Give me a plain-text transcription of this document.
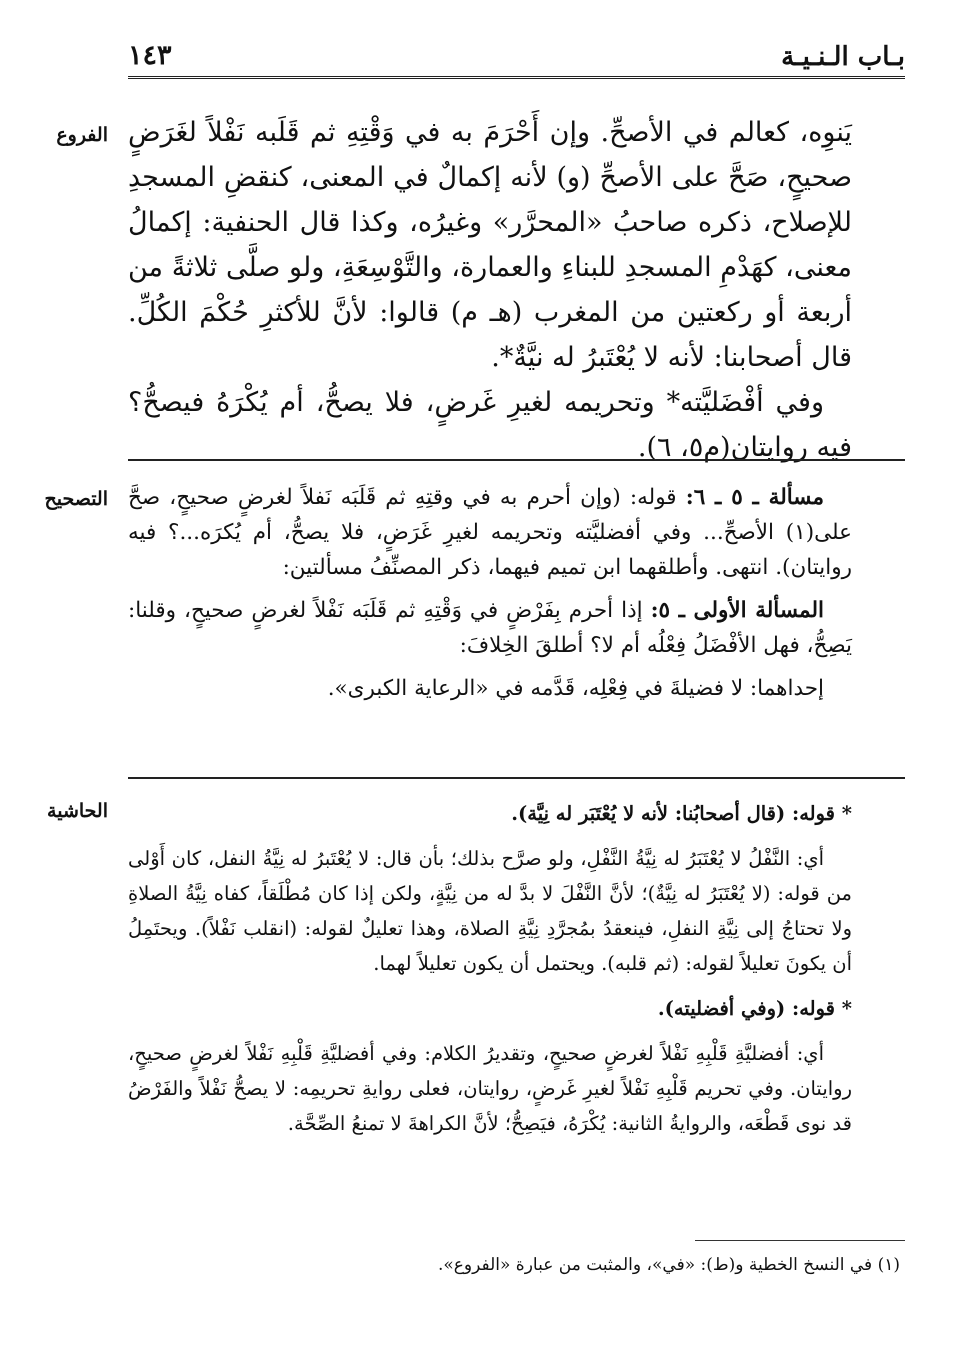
بـاب الـنـيـة
١٤٣
الفروع يَنوِه، كعالم في الأصحِّ. وإن أَحْرَمَ به في وَقْتِهِ ثم قَلَبه نَفْلاً لغَرَضٍ صحيحٍ، صَحَّ على الأصحِّ (و) لأنه إكمالٌ في المعنى، كنقضِ المسجدِ للإصلاح، ذكره صاحبُ «المحرَّر» وغيرُه، وكذا قال الحنفية: إكمالُ معنى، كهَدْمِ المسجدِ للبناءِ والعمارة، والتَّوْسِعَةِ، ولو صلَّى ثلاثةً من أربعة أو ركعتين من المغرب (هـ م) قالوا: لأنَّ للأكثرِ حُكْمَ الكُلِّ. قال أصحابنا: لأنه لا يُعْتَبرُ له نيَّةٌ*.

وفي أفْضَليَّته* وتحريمه لغيرِ غَرضٍ، فلا يصحُّ، أم يُكْرَهُ فيصحُّ؟ فيه روايتان(م٥، ٦).

التصحيح	مسألة ـ ٥ ـ ٦: قوله: (وإن أحرم به في وقتِهِ ثم قَلَبَه نَفلاً لغرضٍ صحيحٍ، صحَّ على(١) الأصحِّ... وفي أفضليَّته وتحريمه لغيرِ غَرَضٍ، فلا يصحُّ، أم يُكرَه...؟ فيه روايتان). انتهى. وأطلقهما ابن تميم فيهما، ذكر المصنِّفُ مسألتين:

المسألة الأولى ـ ٥: إذا أحرم بِفَرْضٍ في وَقْتِهِ ثم قَلَبَه نَفْلاً لغرضٍ صحيحٍ، وقلنا: يَصِحُّ، فهل الأفْضَلُ فِعْلُه أم لا؟ أطلقَ الخِلافَ:

إحداهما: لا فضيلةَ في فِعْلِه، قَدَّمه في «الرعاية الكبرى».

الحاشية	* قوله: (قال أصحابُنا: لأنه لا يُعْتَبَر له نِيَّة).

أي: النَّفْلُ لا يُعْتَبَرُ له نِيَّةُ النَّفْلِ، ولو صرَّح بذلك؛ بأن قال: لا يُعْتَبرُ له نِيَّةُ النفل، كان أَوْلى من قوله: (لا يُعْتَبَرُ له نِيَّةٌ)؛ لأنَّ النَّفْلَ لا بدَّ له من نِيَّةٍ، ولكن إذا كان مُطْلَقاً، كفاه نِيَّةُ الصلاةِ ولا تحتاجُ إلى نِيَّةِ النفلِ، فينعقدُ بمُجرَّدِ نِيَّةِ الصلاة، وهذا تعليلٌ لقوله: (انقلب نَفْلاً). ويحتَمِلُ أن يكونَ تعليلاً لقوله: (ثم قلبه). ويحتمل أن يكون تعليلاً لهما.

* قوله: (وفي أفضليته).

أي: أفضليَّةِ قَلْبِهِ نَفْلاً لغرضٍ صحيحٍ، وتقديرُ الكلام: وفي أفضليَّةِ قَلْبِهِ نَفْلاً لغرضٍ صحيحٍ، روايتان. وفي تحريم قَلْبِهِ نَفْلاً لغيرِ غَرضٍ، روايتان، فعلى روايةِ تحريمِه: لا يصحُّ نَفْلاً والفَرْضُ قد نوى قَطْعَه، والروايةُ الثانية: يُكْرَهُ، فيَصِحُّ؛ لأنَّ الكراهةَ لا تمنعُ الصِّحَّة.

(١) في النسخ الخطية و(ط): «في»، والمثبت من عبارة «الفروع».
